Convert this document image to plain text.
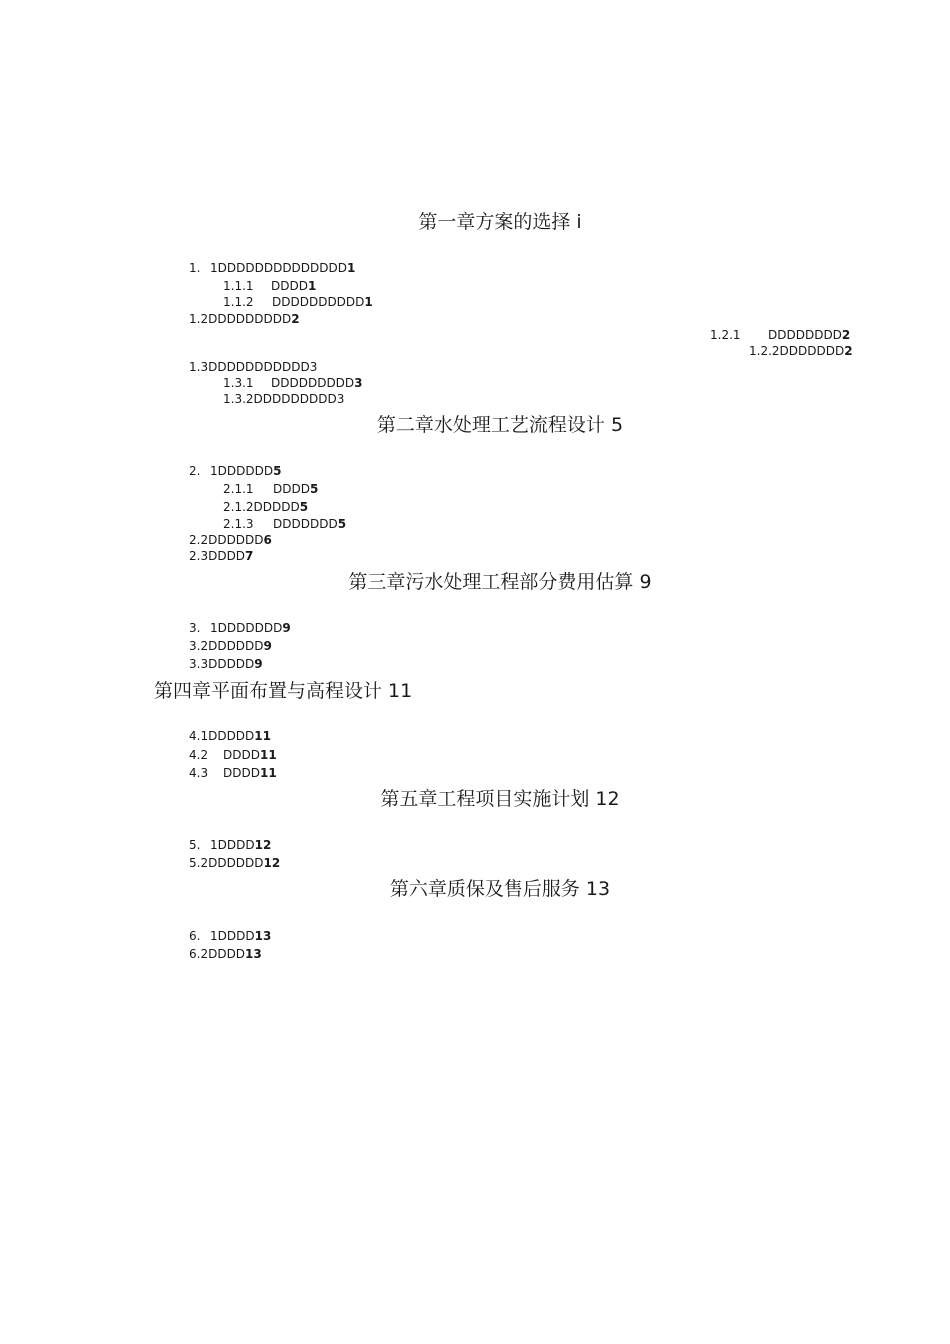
第一章方案的选择 i
1. 1DDDDDDDDDDDDDD1
1.1.1 DDDD1
1.1.2 DDDDDDDDDD1
1.2DDDDDDDDD2
1.2.1 DDDDDDDD2
1.2.2DDDDDDD2
1.3DDDDDDDDDDD3
1.3.1 DDDDDDDDD3
1.3.2DDDDDDDDD3
第二章水处理工艺流程设计 5
2. 1DDDDDD5
2.1.1 DDDD5
2.1.2DDDDD5
2.1.3 DDDDDDD5
2.2DDDDDD6
2.3DDDD7
第三章污水处理工程部分费用估算 9
3. 1DDDDDDD9
3.2DDDDDD9
3.3DDDDD9
第四章平面布置与高程设计 11
4.1DDDDD11
4.2 DDDD11
4.3 DDDD11
第五章工程项目实施计划 12
5. 1DDDD12
5.2DDDDDD12
第六章质保及售后服务 13
6. 1DDDD13
6.2DDDD13
